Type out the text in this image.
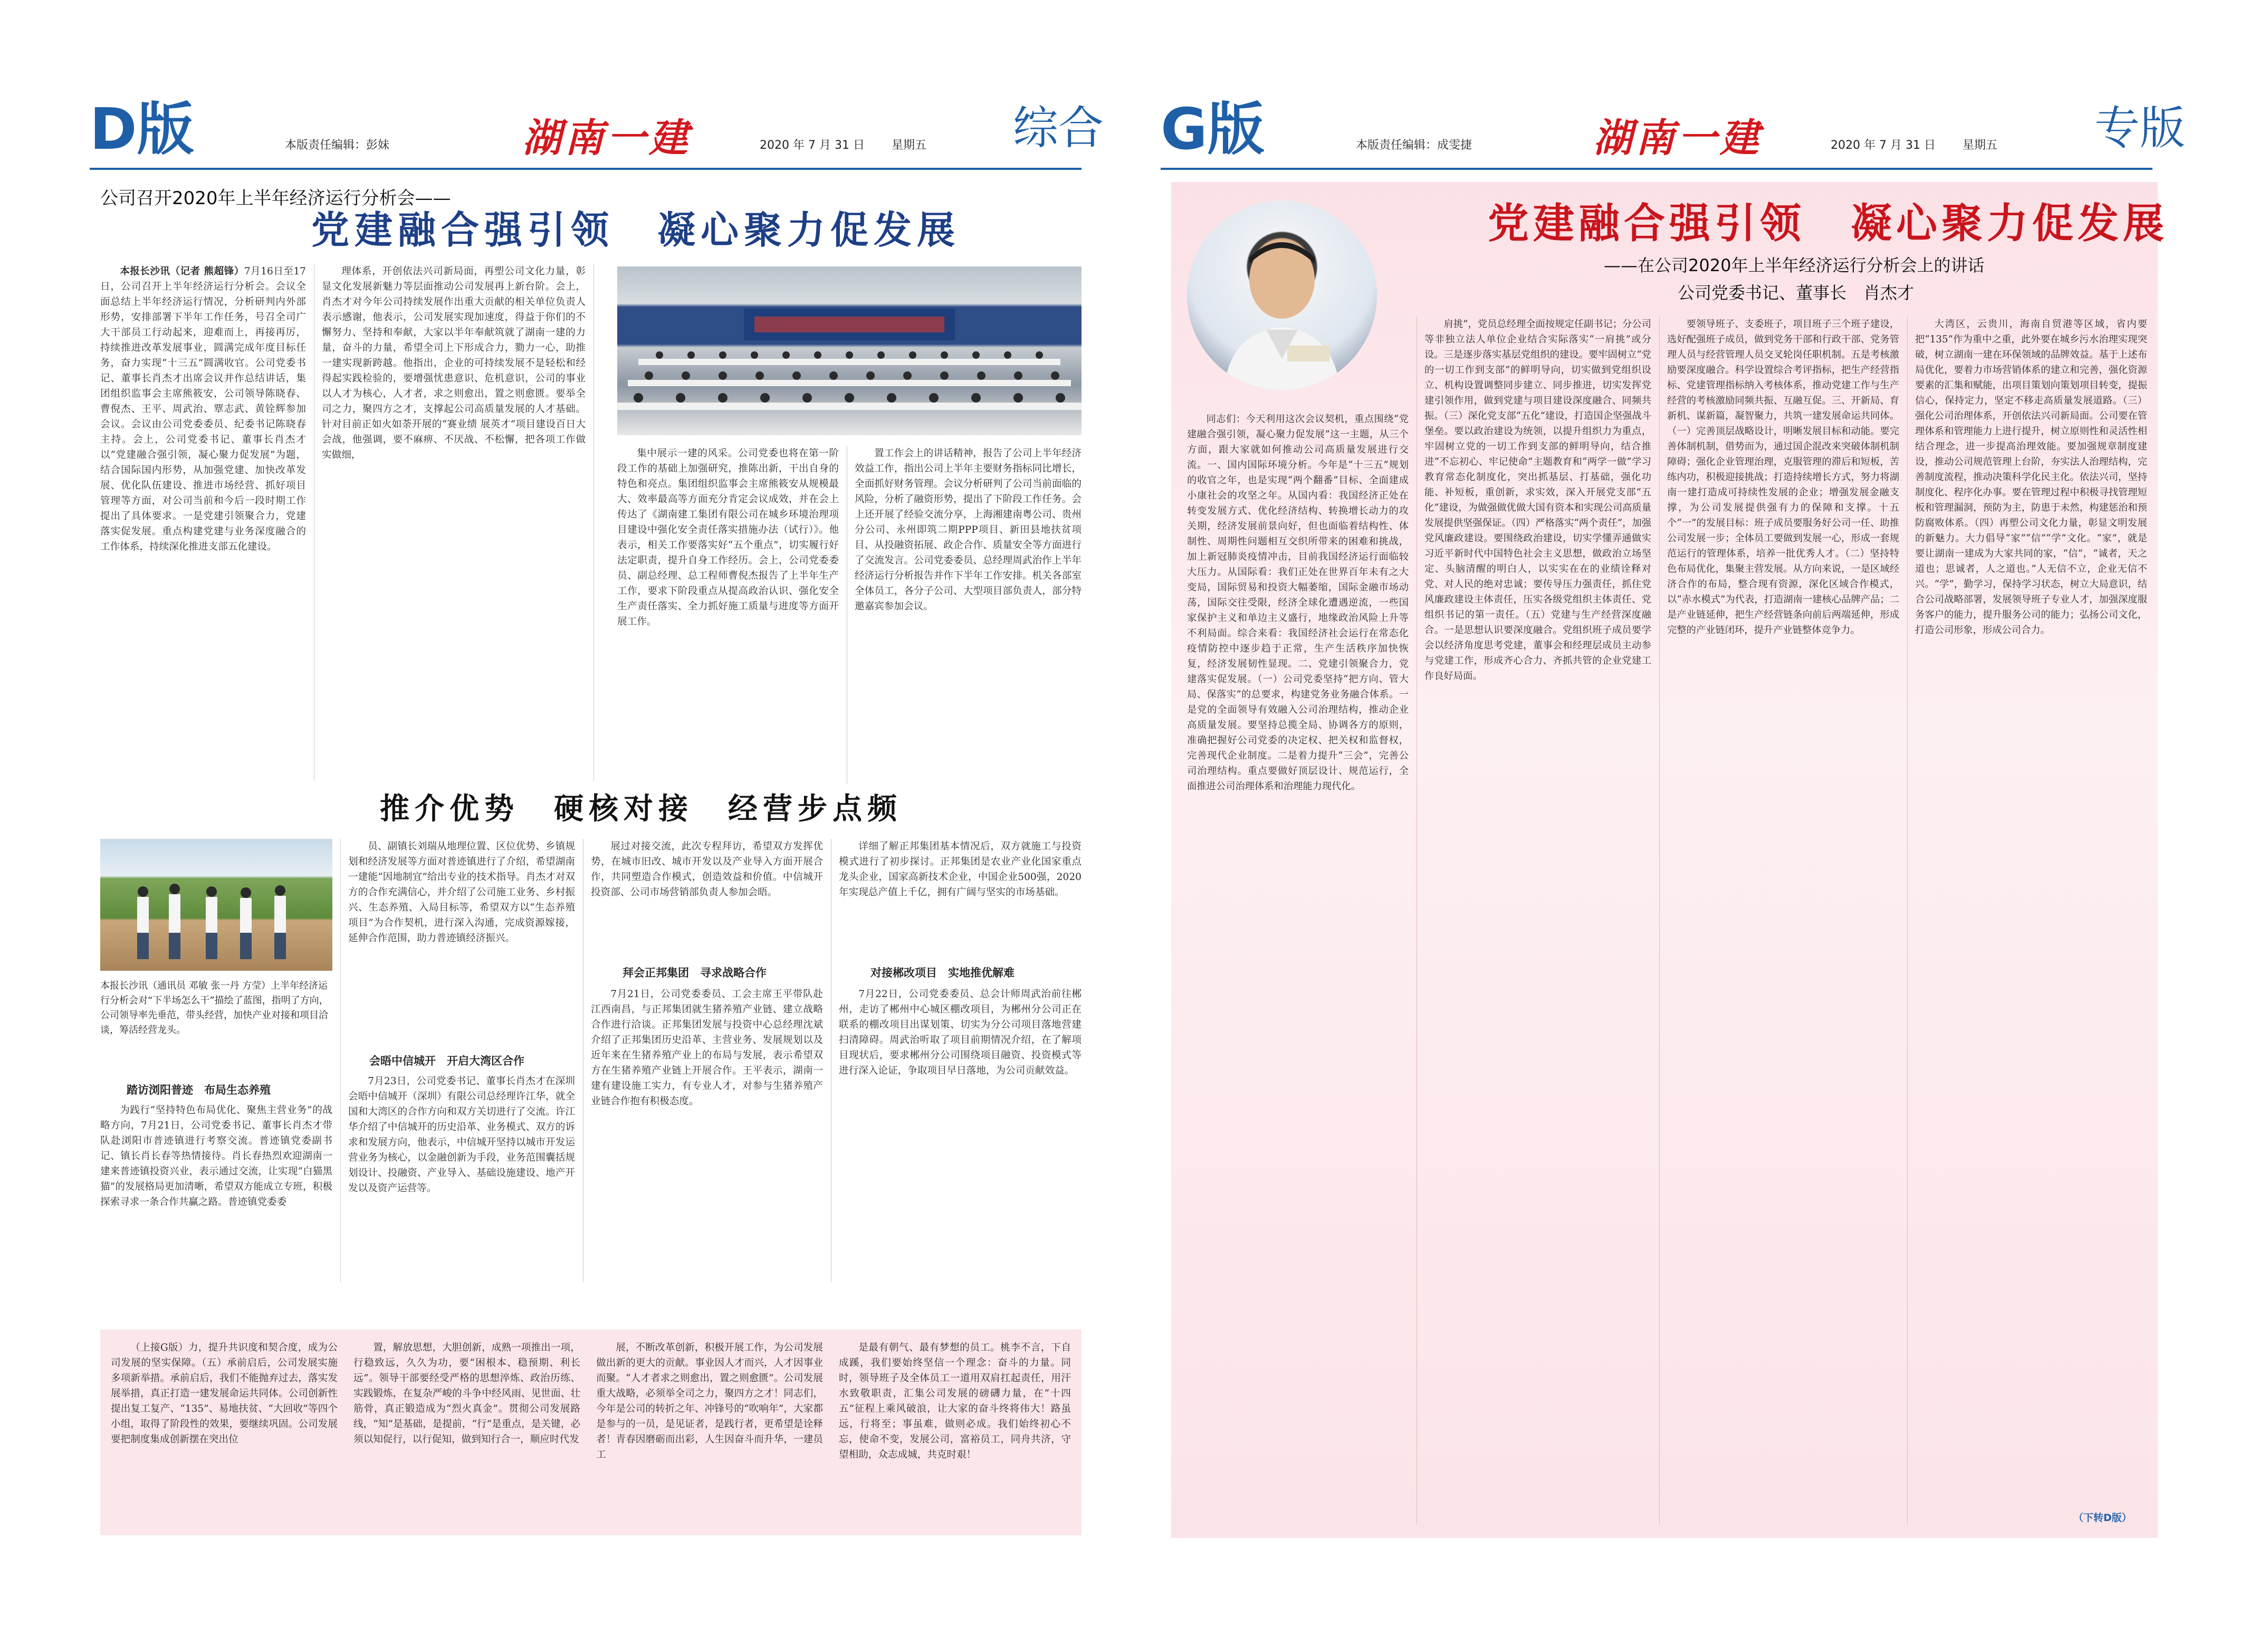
D版	本版责任编辑：彭妹	湖南一建	2020 年 7 月 31 日 星期五 综合
公司召开2020年上半年经济运行分析会——
党建融合强引领　凝心聚力促发展

本报长沙讯（记者 熊超锋）7月16日至17日，公司召开上半年经济运行分析会。会议全面总结上半年经济运行情况，分析研判内外部形势，安排部署下半年工作任务，号召全司广大干部员工行动起来，迎难而上，再接再厉，持续推进改革发展事业，圆满完成年度目标任务，奋力实现“十三五”圆满收官。公司党委书记、董事长肖杰才出席会议并作总结讲话，集团组织监事会主席熊筱安，公司领导陈晓春、曹倪杰、王平、周武治、覃志武、黄铨辉参加会议。会议由公司党委委员、纪委书记陈晓春主持。会上，公司党委书记、董事长肖杰才以“党建融合强引领，凝心聚力促发展”为题，结合国际国内形势，从加强党建、加快改革发展、优化队伍建设、推进市场经营、抓好项目管理等方面，对公司当前和今后一段时期工作提出了具体要求。一是党建引领聚合力，党建落实促发展。重点构建党建与业务深度融合的工作体系，持续深化推进支部五化建设。

理体系，开创依法兴司新局面，再塑公司文化力量，彰显文化发展新魅力等层面推动公司发展再上新台阶。会上，肖杰才对今年公司持续发展作出重大贡献的相关单位负责人表示感谢，他表示，公司发展实现加速度，得益于你们的不懈努力、坚持和奉献，大家以半年奉献筑就了湖南一建的力量，奋斗的力量，希望全司上下形成合力，勠力一心，助推一建实现新跨越。他指出，企业的可持续发展不是轻松和经得起实践检验的，要增强忧患意识、危机意识，公司的事业以人才为核心，人才者，求之则愈出，置之则愈匮。要举全司之力，聚四方之才，支撑起公司高质量发展的人才基础。针对目前正如火如荼开展的“赛业绩 展英才”项目建设百日大会战，他强调，要不麻痹、不厌战、不松懈，把各项工作做实做细，	集中展示一建的风采。公司党委也将在第一阶段工作的基础上加强研究，推陈出新，干出自身的特色和亮点。集团组织监事会主席熊筱安从规模最大、效率最高等方面充分肯定会议成效，并在会上传达了《湖南建工集团有限公司在城乡环境治理项目建设中强化安全责任落实措施办法（试行）》。他表示，相关工作要落实好“五个重点”，切实履行好法定职责，提升自身工作经历。会上，公司党委委员、副总经理、总工程师曹倪杰报告了上半年生产工作，要求下阶段重点从提高政治认识、强化安全生产责任落实、全力抓好施工质量与进度等方面开展工作。

置工作会上的讲话精神，报告了公司上半年经济效益工作，指出公司上半年主要财务指标同比增长，全面抓好财务管理。会议分析研判了公司当前面临的风险，分析了融资形势，提出了下阶段工作任务。会上还开展了经验交流分享，上海湘建南粤公司、贵州分公司、永州即筑二期PPP项目、新田县地扶贫项目、从投融资拓展、政企合作、质量安全等方面进行了交流发言。公司党委委员、总经理周武治作上半年经济运行分析报告并作下半年工作安排。机关各部室全体员工，各分子公司、大型项目部负责人，部分特邀嘉宾参加会议。

推介优势　硬核对接　经营步点频
本报长沙讯（通讯员 邓敏 张一丹 方莹）上半年经济运行分析会对“下半场怎么干”描绘了蓝图，指明了方向，公司领导率先垂范，带头经营，加快产业对接和项目洽谈，筹活经营龙头。
踏访浏阳普迹　布局生态养殖

为践行“坚持特色布局优化、聚焦主营业务”的战略方向，7月21日，公司党委书记、董事长肖杰才带队赴浏阳市普迹镇进行考察交流。普迹镇党委副书记、镇长肖长春等热情接待。肖长春热烈欢迎湖南一建来普迹镇投资兴业，表示通过交流，让实现“白猫黑猫”的发展格局更加清晰，希望双方能成立专班，积极探索寻求一条合作共赢之路。普迹镇党委委

员、副镇长刘瑞从地理位置、区位优势、乡镇规划和经济发展等方面对普迹镇进行了介绍，希望湖南一建能“因地制宜”给出专业的技术指导。肖杰才对双方的合作充满信心，并介绍了公司施工业务、乡村振兴、生态养殖、入局目标等，希望双方以“生态养殖项目”为合作契机，进行深入沟通，完成资源嫁接，延伸合作范围，助力普迹镇经济振兴。

会晤中信城开　开启大湾区合作

7月23日，公司党委书记、董事长肖杰才在深圳会晤中信城开（深圳）有限公司总经理许江华，就全国和大湾区的合作方向和双方关切进行了交流。许江华介绍了中信城开的历史沿革、业务模式、双方的诉求和发展方向，他表示，中信城开坚持以城市开发运营业务为核心，以金融创新为手段，业务范围囊括规划设计、投融资、产业导入、基础设施建设、地产开发以及资产运营等。

展过对接交流，此次专程拜访，希望双方发挥优势，在城市旧改、城市开发以及产业导入方面开展合作，共同塑造合作模式，创造效益和价值。中信城开投资部、公司市场营销部负责人参加会晤。

拜会正邦集团　寻求战略合作

7月21日，公司党委委员、工会主席王平带队赴江西南昌，与正邦集团就生猪养殖产业链、建立战略合作进行洽谈。正邦集团发展与投资中心总经理沈斌介绍了正邦集团历史沿革、主营业务、发展规划以及近年来在生猪养殖产业上的布局与发展，表示希望双方在生猪养殖产业链上开展合作。王平表示，湖南一建有建设施工实力，有专业人才，对参与生猪养殖产业链合作抱有积极态度。

详细了解正邦集团基本情况后，双方就施工与投资模式进行了初步探讨。正邦集团是农业产业化国家重点龙头企业，国家高新技术企业，中国企业500强，2020年实现总产值上千亿，拥有广阔与坚实的市场基础。

对接郴改项目　实地推优解难

7月22日，公司党委委员、总会计师周武治前往郴州，走访了郴州中心城区棚改项目，为郴州分公司正在联系的棚改项目出谋划策、切实为分公司项目落地营建扫清障碍。周武治听取了项目前期情况介绍，在了解项目现状后，要求郴州分公司围绕项目融资、投资模式等进行深入论证，争取项目早日落地，为公司贡献效益。

（上接G版）力，提升共识度和契合度，成为公司发展的坚实保障。（五）承前启后，公司发展实施多项新举措。承前启后，我们不能抛弃过去，落实发展举措，真正打造一建发展命运共同体。公司创新性提出复工复产、“135”、易地扶贫、“大回收”等四个小组，取得了阶段性的效果，要继续巩固。公司发展要把制度集成创新摆在突出位

置，解放思想，大胆创新，成熟一项推出一项，行稳致远，久久为功，要“困根本、稳预期、利长远”。领导干部要经受严格的思想淬炼、政治历练、实践锻炼，在复杂严峻的斗争中经风雨、见世面、壮筋骨，真正锻造成为“烈火真金”。贯彻公司发展路线，“知”是基础，是提前，“行”是重点，是关键，必须以知促行，以行促知，做到知行合一，顺应时代发

展，不断改革创新，积极开展工作，为公司发展做出新的更大的贡献。事业因人才而兴，人才因事业而聚。“人才者求之则愈出，置之则愈匮”。公司发展重大战略，必须举全司之力，聚四方之才！同志们，今年是公司的转折之年、冲锋号的“吹响年”，大家都是参与的一员，是见证者，是践行者，更希望是诠释者！青春因磨砺而出彩，人生因奋斗而升华，一建员工

是最有朝气、最有梦想的员工。桃李不言，下自成蹊，我们要始终坚信一个理念：奋斗的力量。同时，领导班子及全体员工一道用双肩扛起责任，用汗水致敬职责，汇集公司发展的磅礴力量，在“十四五”征程上乘风破浪，让大家的奋斗终将伟大！路虽远，行将至；事虽难，做则必成。我们始终初心不忘，使命不变，发展公司，富裕员工，同舟共济，守望相助，众志成城，共克时艰！

G版	本版责任编辑：成雯捷	湖南一建	2020 年 7 月 31 日 星期五 专版
党建融合强引领　凝心聚力促发展
——在公司2020年上半年经济运行分析会上的讲话
公司党委书记、董事长　肖杰才

同志们：今天利用这次会议契机，重点围绕“党建融合强引领，凝心聚力促发展”这一主题，从三个方面，跟大家就如何推动公司高质量发展进行交流。一、国内国际环境分析。今年是“十三五”规划的收官之年，也是实现“两个翻番”目标、全面建成小康社会的攻坚之年。从国内看：我国经济正处在转变发展方式、优化经济结构、转换增长动力的攻关期，经济发展前景向好，但也面临着结构性、体制性、周期性问题相互交织所带来的困难和挑战，加上新冠肺炎疫情冲击，目前我国经济运行面临较大压力。从国际看：我们正处在世界百年未有之大变局，国际贸易和投资大幅萎缩，国际金融市场动荡，国际交往受限，经济全球化遭遇逆流，一些国家保护主义和单边主义盛行，地缘政治风险上升等不利局面。综合来看：我国经济社会运行在常态化疫情防控中逐步趋于正常，生产生活秩序加快恢复，经济发展韧性显现。二、党建引领聚合力，党建落实促发展。（一）公司党委坚持“把方向、管大局、保落实”的总要求，构建党务业务融合体系。一是党的全面领导有效融入公司治理结构，推动企业高质量发展。要坚持总揽全局、协调各方的原则，准确把握好公司党委的决定权、把关权和监督权，完善现代企业制度。二是着力提升“三会”，完善公司治理结构。重点要做好顶层设计、规范运行，全面推进公司治理体系和治理能力现代化。

肩挑”，党员总经理全面按规定任副书记；分公司等非独立法人单位企业结合实际落实“一肩挑”或分设。三是逐步落实基层党组织的建设。要牢固树立“党的一切工作到支部”的鲜明导向，切实做到党组织设立、机构设置调整同步建立、同步推进，切实发挥党建引领作用，做到党建与项目建设深度融合、同频共振。（三）深化党支部“五化”建设，打造国企坚强战斗堡垒。要以政治建设为统领，以提升组织力为重点，牢固树立党的一切工作到支部的鲜明导向，结合推进“不忘初心、牢记使命”主题教育和“两学一做”学习教育常态化制度化，突出抓基层、打基础，强化功能、补短板，重创新，求实效，深入开展党支部“五化”建设，为做强做优做大国有资本和实现公司高质量发展提供坚强保证。（四）严格落实“两个责任”，加强党风廉政建设。要围绕政治建设，切实学懂弄通做实习近平新时代中国特色社会主义思想，做政治立场坚定、头脑清醒的明白人，以实实在在的业绩诠释对党、对人民的绝对忠诚；要传导压力强责任，抓住党风廉政建设主体责任，压实各级党组织主体责任、党组织书记的第一责任。（五）党建与生产经营深度融合。一是思想认识要深度融合。党组织班子成员要学会以经济角度思考党建，董事会和经理层成员主动参与党建工作，形成齐心合力、齐抓共管的企业党建工作良好局面。

要领导班子、支委班子，项目班子三个班子建设，选好配强班子成员，做到党务干部和行政干部、党务管理人员与经营管理人员交叉轮岗任职机制。五是考核激励要深度融合。科学设置综合考评指标，把生产经营指标、党建管理指标纳入考核体系，推动党建工作与生产经营的考核激励同频共振、互融互促。三、开新局、育新机、谋新篇，凝智聚力，共筑一建发展命运共同体。（一）完善顶层战略设计，明晰发展目标和动能。要完善体制机制，借势而为，通过国企混改来突破体制机制障碍；强化企业管理治理，克服管理的滞后和短板，苦练内功，积极迎接挑战；打造持续增长方式，努力将湖南一建打造成可持续性发展的企业；增强发展金融支撑，为公司发展提供强有力的保障和支撑。十五个“一”的发展目标：班子成员要服务好公司一任、助推公司发展一步；全体员工要做到发展一心，形成一套规范运行的管理体系，培养一批优秀人才。（二）坚持特色布局优化，集聚主营发展。从方向来说，一是区域经济合作的布局，整合现有资源，深化区域合作模式，以“赤水模式”为代表，打造湖南一建核心品牌产品；二是产业链延伸，把生产经营链条向前后两端延伸，形成完整的产业链闭环，提升产业链整体竞争力。

大湾区，云贵川，海南自贸港等区域，省内要把“135”作为重中之重，此外要在城乡污水治理实现突破，树立湖南一建在环保领域的品牌效益。基于上述布局优化，要着力市场营销体系的建立和完善，强化资源要素的汇集和赋能，出项目策划向策划项目转变，提振信心，保持定力，坚定不移走高质量发展道路。（三）强化公司治理体系，开创依法兴司新局面。公司要在管理体系和管理能力上进行提升，树立原则性和灵活性相结合理念，进一步提高治理效能。要加强规章制度建设，推动公司规范管理上台阶，夯实法人治理结构，完善制度流程，推动决策科学化民主化。依法兴司，坚持制度化、程序化办事。要在管理过程中积极寻找管理短板和管理漏洞，预防为主，防患于未然，构建惩治和预防腐败体系。（四）再塑公司文化力量，彰显文明发展的新魅力。大力倡导“家”“信”“学”文化。“家”，就是要让湖南一建成为大家共同的家，“信”，“诚者，天之道也；思诚者，人之道也。”人无信不立，企业无信不兴。“学”，勤学习，保持学习状态，树立大局意识，结合公司战略部署，发展领导班子专业人才，加强深度服务客户的能力，提升服务公司的能力；弘扬公司文化，打造公司形象，形成公司合力。

（下转D版）
